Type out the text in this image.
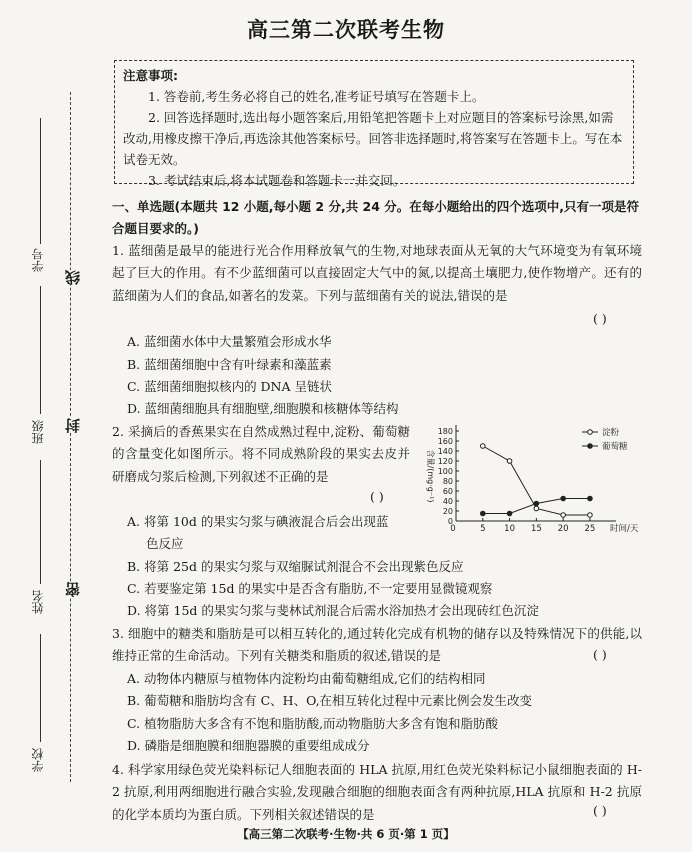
高三第二次联考生物
注意事项:

1. 答卷前,考生务必将自己的姓名,准考证号填写在答题卡上。

2. 回答选择题时,选出每小题答案后,用铅笔把答题卡上对应题目的答案标号涂黑,如需改动,用橡皮擦干净后,再选涂其他答案标号。回答非选择题时,将答案写在答题卡上。写在本试卷无效。

3. 考试结束后,将本试题卷和答题卡一并交回。

线
封
密
学号
班级
姓名
学校
一、单选题(本题共 12 小题,每小题 2 分,共 24 分。在每小题给出的四个选项中,只有一项是符合题目要求的。)
1. 蓝细菌是最早的能进行光合作用释放氧气的生物,对地球表面从无氧的大气环境变为有氧环境起了巨大的作用。有不少蓝细菌可以直接固定大气中的氮,以提高土壤肥力,使作物增产。还有的蓝细菌为人们的食品,如著名的发菜。下列与蓝细菌有关的说法,错误的是
( )
A. 蓝细菌水体中大量繁殖会形成水华
B. 蓝细菌细胞中含有叶绿素和藻蓝素
C. 蓝细菌细胞拟核内的 DNA 呈链状
D. 蓝细菌细胞具有细胞壁,细胞膜和核糖体等结构
2. 采摘后的香蕉果实在自然成熟过程中,淀粉、葡萄糖的含量变化如图所示。将不同成熟阶段的果实去皮并研磨成匀浆后检测,下列叙述不正确的是
( )
A. 将第 10d 的果实匀浆与碘液混合后会出现蓝
色反应
B. 将第 25d 的果实匀浆与双缩脲试剂混合不会出现紫色反应
C. 若要鉴定第 15d 的果实中是否含有脂肪,不一定要用显微镜观察
D. 将第 15d 的果实匀浆与斐林试剂混合后需水浴加热才会出现砖红色沉淀
0
20
40
60
80
100
120
140
160
180
5 10 15 20 25
0	时间/天
含量/(mg·g⁻¹)
淀粉
葡萄糖
3. 细胞中的糖类和脂肪是可以相互转化的,通过转化完成有机物的储存以及特殊情况下的供能,以维持正常的生命活动。下列有关糖类和脂质的叙述,错误的是	( )
A. 动物体内糖原与植物体内淀粉均由葡萄糖组成,它们的结构相同
B. 葡萄糖和脂肪均含有 C、H、O,在相互转化过程中元素比例会发生改变
C. 植物脂肪大多含有不饱和脂肪酸,而动物脂肪大多含有饱和脂肪酸
D. 磷脂是细胞膜和细胞器膜的重要组成成分
4. 科学家用绿色荧光染料标记人细胞表面的 HLA 抗原,用红色荧光染料标记小鼠细胞表面的 H-2 抗原,利用两细胞进行融合实验,发现融合细胞的细胞表面含有两种抗原,HLA 抗原和 H-2 抗原的化学本质均为蛋白质。下列相关叙述错误的是	( )
【高三第二次联考·生物·共 6 页·第 1 页】
